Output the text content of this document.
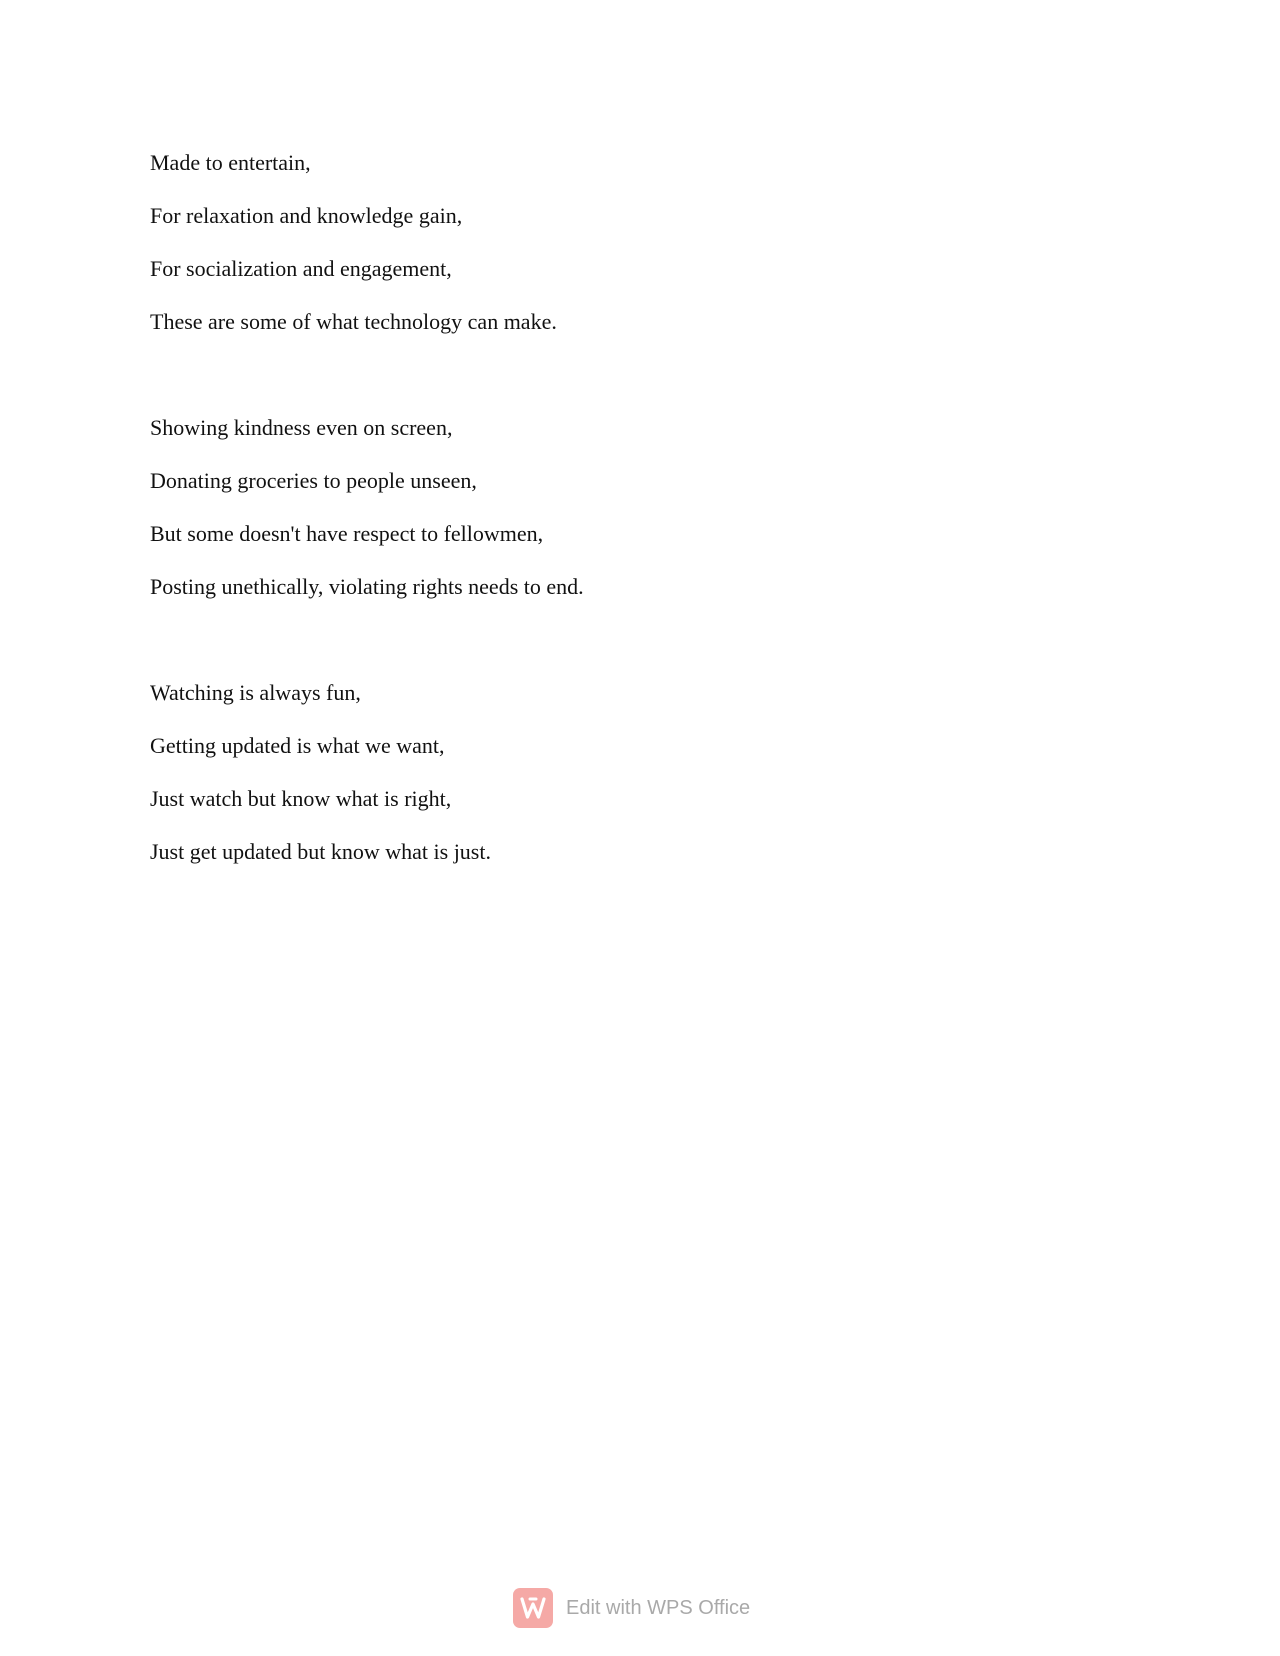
Made to entertain,
For relaxation and knowledge gain,
For socialization and engagement,
These are some of what technology can make.
Showing kindness even on screen,
Donating groceries to people unseen,
But some doesn't have respect to fellowmen,
Posting unethically, violating rights needs to end.
Watching is always fun,
Getting updated is what we want,
Just watch but know what is right,
Just get updated but know what is just.
Edit with WPS Office
